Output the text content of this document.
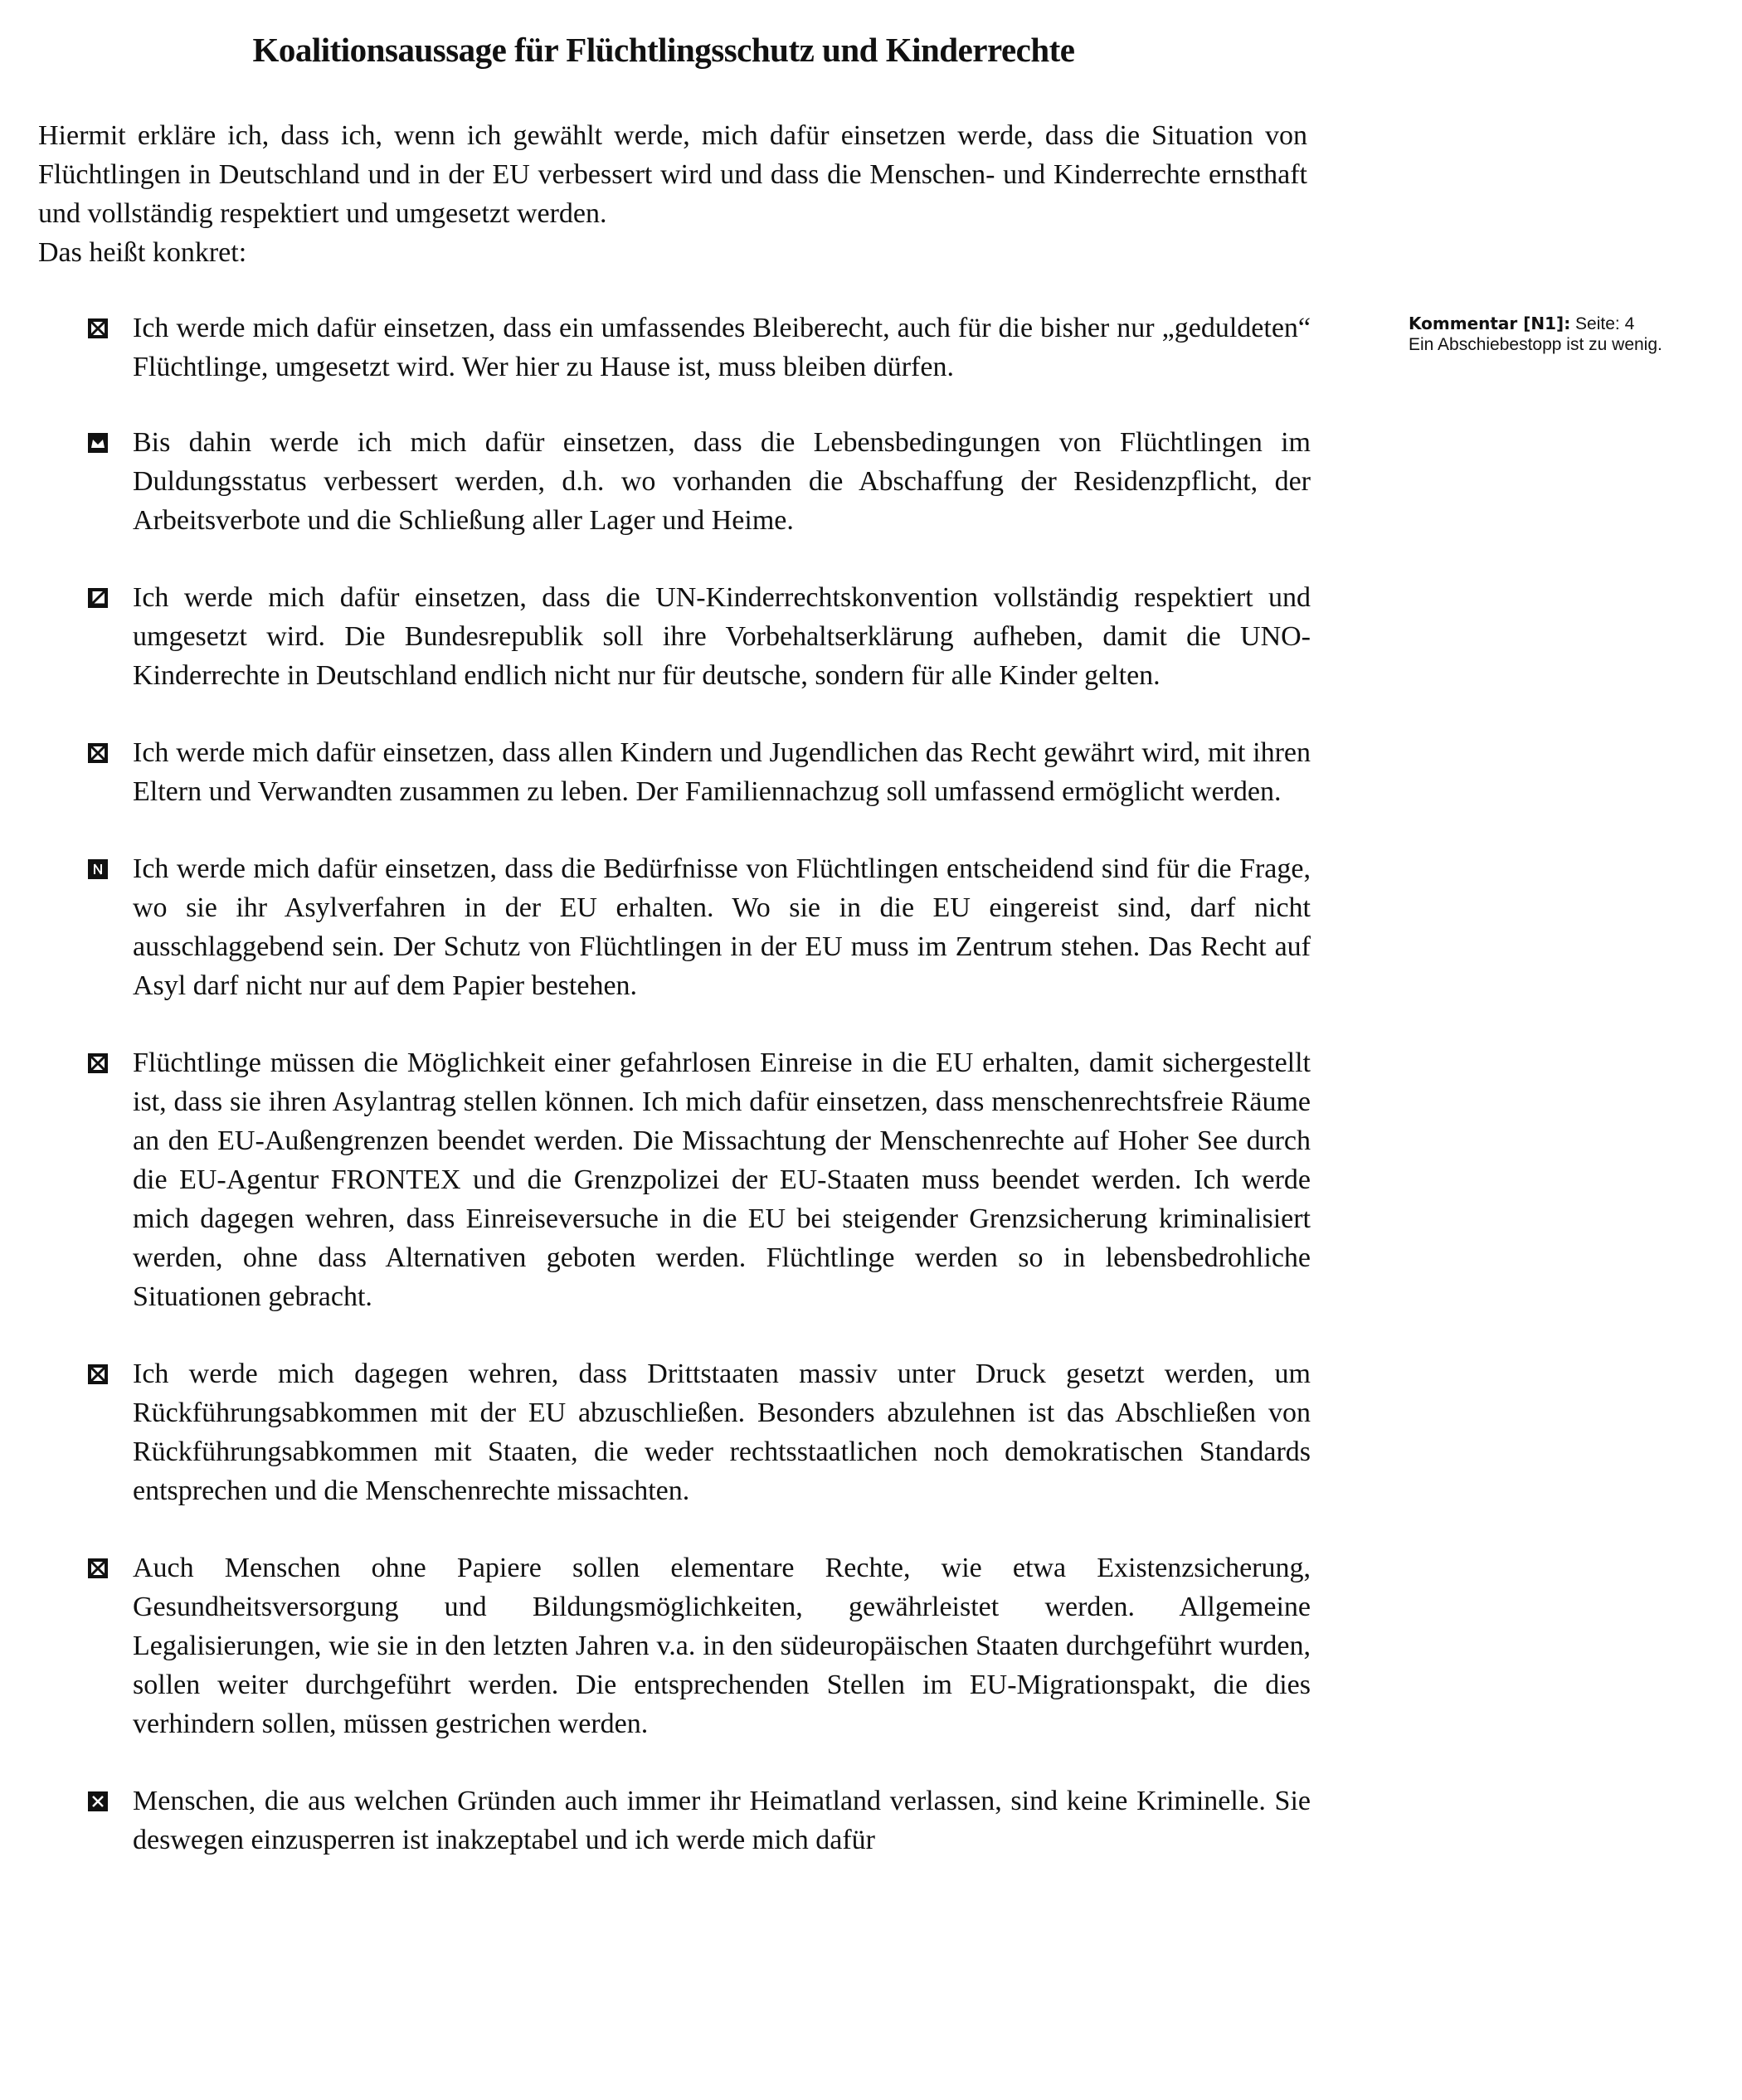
Koalitionsaussage für Flüchtlingsschutz und Kinderrechte

Hiermit erkläre ich, dass ich, wenn ich gewählt werde, mich dafür einsetzen werde, dass die Situation von Flüchtlingen in Deutschland und in der EU verbessert wird und dass die Menschen- und Kinderrechte ernsthaft und vollständig respektiert und umgesetzt werden.

Das heißt konkret:

Kommentar [N1]: Seite: 4
Ein Abschiebestopp ist zu wenig.
Ich werde mich dafür einsetzen, dass ein umfassendes Bleiberecht, auch für die bisher nur „geduldeten“ Flüchtlinge, umgesetzt wird. Wer hier zu Hause ist, muss bleiben dürfen.
Bis dahin werde ich mich dafür einsetzen, dass die Lebensbedingungen von Flüchtlingen im Duldungsstatus verbessert werden, d.h. wo vorhanden die Abschaffung der Residenzpflicht, der Arbeitsverbote und die Schließung aller Lager und Heime.
Ich werde mich dafür einsetzen, dass die UN-Kinderrechtskonvention vollständig respektiert und umgesetzt wird. Die Bundesrepublik soll ihre Vorbehaltserklärung aufheben, damit die UNO-Kinderrechte in Deutschland endlich nicht nur für deutsche, sondern für alle Kinder gelten.
Ich werde mich dafür einsetzen, dass allen Kindern und Jugendlichen das Recht gewährt wird, mit ihren Eltern und Verwandten zusammen zu leben. Der Familiennachzug soll umfassend ermöglicht werden.
Ich werde mich dafür einsetzen, dass die Bedürfnisse von Flüchtlingen entscheidend sind für die Frage, wo sie ihr Asylverfahren in der EU erhalten. Wo sie in die EU eingereist sind, darf nicht ausschlaggebend sein. Der Schutz von Flüchtlingen in der EU muss im Zentrum stehen. Das Recht auf Asyl darf nicht nur auf dem Papier bestehen.
Flüchtlinge müssen die Möglichkeit einer gefahrlosen Einreise in die EU erhalten, damit sichergestellt ist, dass sie ihren Asylantrag stellen können. Ich mich dafür einsetzen, dass menschenrechtsfreie Räume an den EU-Außengrenzen beendet werden. Die Missachtung der Menschenrechte auf Hoher See durch die EU-Agentur FRONTEX und die Grenzpolizei der EU-Staaten muss beendet werden. Ich werde mich dagegen wehren, dass Einreiseversuche in die EU bei steigender Grenzsicherung kriminalisiert werden, ohne dass Alternativen geboten werden. Flüchtlinge werden so in lebensbedrohliche Situationen gebracht.
Ich werde mich dagegen wehren, dass Drittstaaten massiv unter Druck gesetzt werden, um Rückführungsabkommen mit der EU abzuschließen. Besonders abzulehnen ist das Abschließen von Rückführungsabkommen mit Staaten, die weder rechtsstaatlichen noch demokratischen Standards entsprechen und die Menschenrechte missachten.
Auch Menschen ohne Papiere sollen elementare Rechte, wie etwa Existenzsicherung, Gesundheitsversorgung und Bildungsmöglichkeiten, gewährleistet werden. Allgemeine Legalisierungen, wie sie in den letzten Jahren v.a. in den südeuropäischen Staaten durchgeführt wurden, sollen weiter durchgeführt werden. Die entsprechenden Stellen im EU-Migrationspakt, die dies verhindern sollen, müssen gestrichen werden.
Menschen, die aus welchen Gründen auch immer ihr Heimatland verlassen, sind keine Kriminelle. Sie deswegen einzusperren ist inakzeptabel und ich werde mich dafür
